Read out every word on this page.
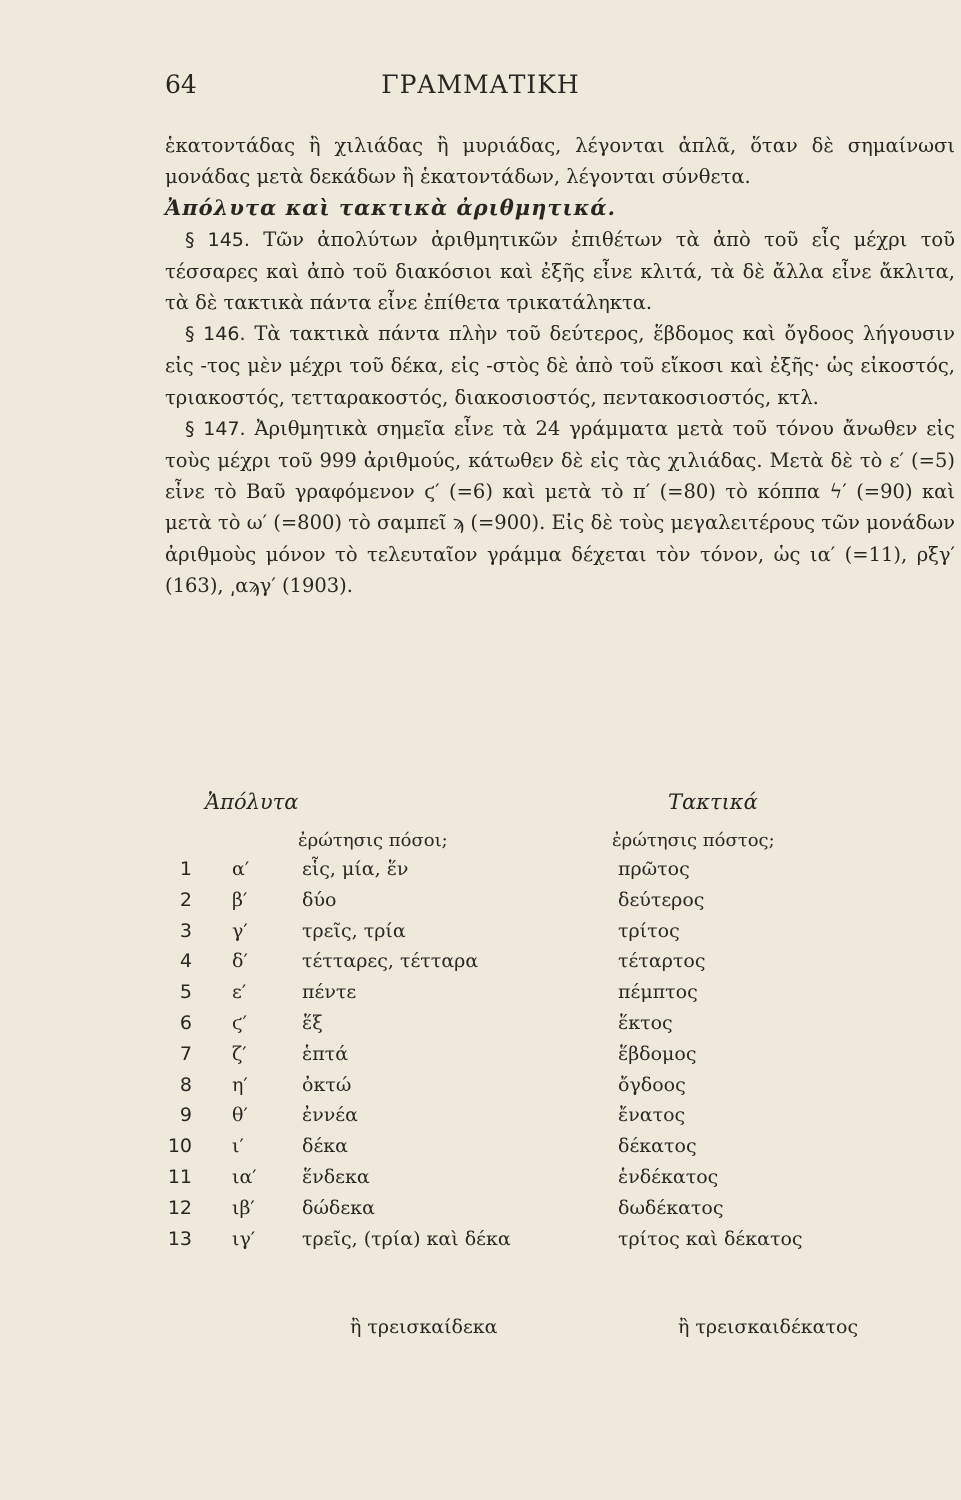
64	ΓΡΑΜΜΑΤΙΚΗ

ἑκατοντάδας ἢ χιλιάδας ἢ μυριάδας, λέγονται ἁπλᾶ, ὅταν δὲ σημαίνωσι μονάδας μετὰ δεκάδων ἢ ἑκατοντάδων, λέγονται σύνθετα.

Ἀπόλυτα καὶ τακτικὰ ἀριθμητικά.

§ 145. Τῶν ἀπολύτων ἀριθμητικῶν ἐπιθέτων τὰ ἀπὸ τοῦ εἷς μέχρι τοῦ τέσσαρες καὶ ἀπὸ τοῦ διακόσιοι καὶ ἐξῆς εἶνε κλιτά, τὰ δὲ ἄλλα εἶνε ἄκλιτα, τὰ δὲ τακτικὰ πάντα εἶνε ἐπίθετα τρικατάληκτα.

§ 146. Τὰ τακτικὰ πάντα πλὴν τοῦ δεύτερος, ἕβδομος καὶ ὄγδοος λήγουσιν εἰς -τος μὲν μέχρι τοῦ δέκα, εἰς -στὸς δὲ ἀπὸ τοῦ εἴκοσι καὶ ἐξῆς· ὡς εἰκοστός, τριακοστός, τετταρακοστός, διακοσιοστός, πεντακοσιοστός, κτλ.

§ 147. Ἀριθμητικὰ σημεῖα εἶνε τὰ 24 γράμματα μετὰ τοῦ τόνου ἄνωθεν εἰς τοὺς μέχρι τοῦ 999 ἀριθμούς, κάτωθεν δὲ εἰς τὰς χιλιάδας. Μετὰ δὲ τὸ ε′ (=5) εἶνε τὸ Βαῦ γραφόμενον ϛ′ (=6) καὶ μετὰ τὸ π′ (=80) τὸ κόππα ϟ′ (=90) καὶ μετὰ τὸ ω′ (=800) τὸ σαμπεῖ ϡ (=900). Εἰς δὲ τοὺς μεγαλειτέρους τῶν μονάδων ἀριθμοὺς μόνον τὸ τελευταῖον γράμμα δέχεται τὸν τόνον, ὡς ια′ (=11), ρξγ′ (163), ͵αϡγ′ (1903).

Ἀπόλυτα	Τακτικά
ἐρώτησις πόσοι;	ἐρώτησις πόστος;
1 α′	εἷς, μία, ἕν	πρῶτος
2 β′	δύο	δεύτερος
3 γ′	τρεῖς, τρία	τρίτος
4 δ′	τέτταρες, τέτταρα	τέταρτος
5 ε′	πέντε	πέμπτος
6 ϛ′	ἕξ	ἕκτος
7 ζ′	ἑπτά	ἕβδομος
8 η′	ὀκτώ	ὄγδοος
9 θ′	ἐννέα	ἔνατος
10 ι′	δέκα	δέκατος
11 ια′ ἕνδεκα	ἑνδέκατος
12 ιβ′ δώδεκα	δωδέκατος
13 ιγ′ τρεῖς, (τρία) καὶ δέκα	τρίτος καὶ δέκατος
ἢ τρεισκαίδεκα	ἢ τρεισκαιδέκατος
